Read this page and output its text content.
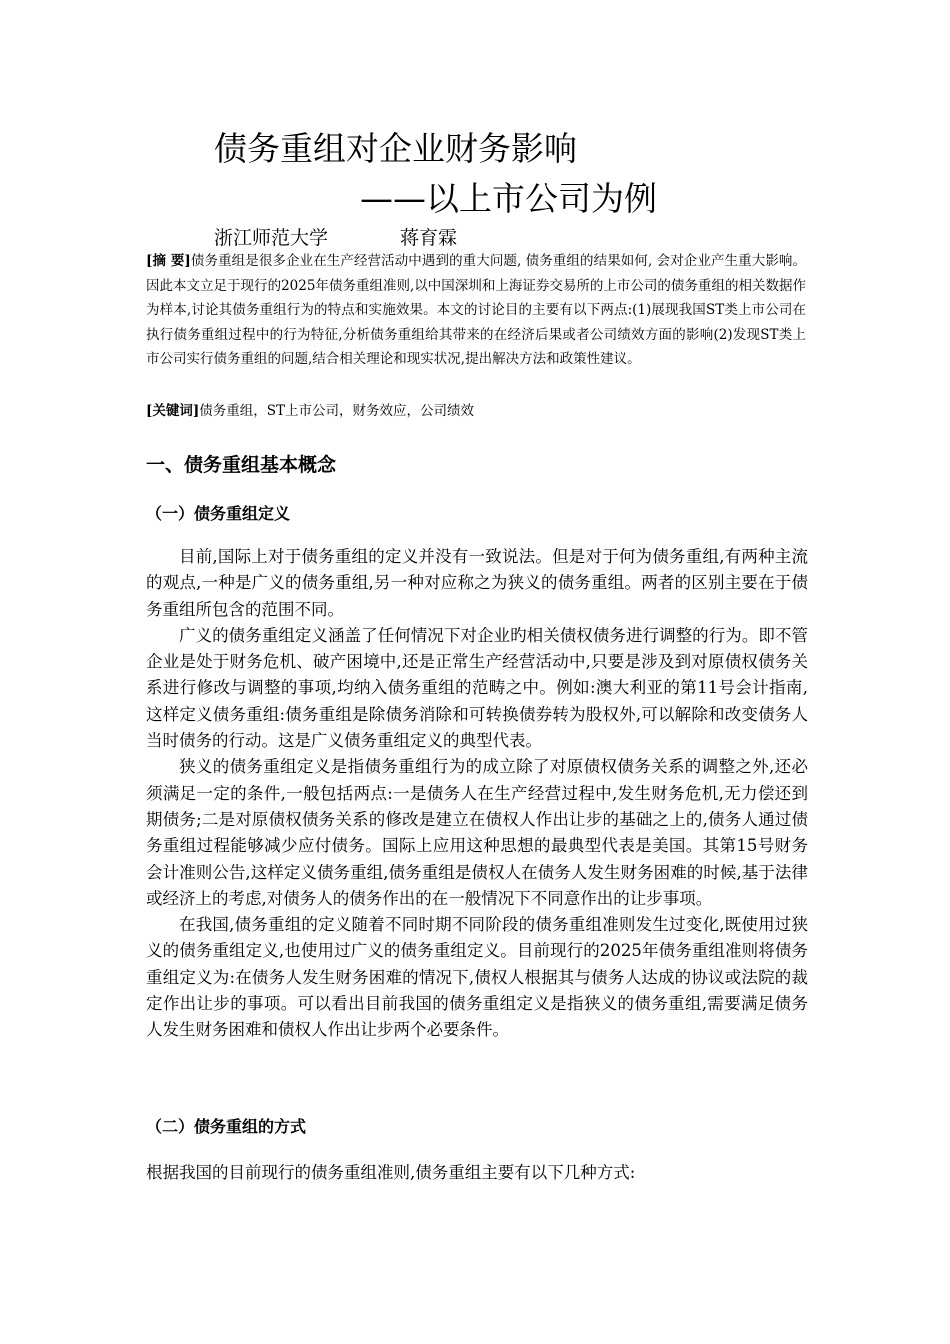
债务重组对企业财务影响
——以上市公司为例
浙江师范大学	蒋育霖
[摘 要]债务重组是很多企业在生产经营活动中遇到的重大问题, 债务重组的结果如何, 会对企业产生重大影响。因此本文立足于现行的2025年债务重组准则,以中国深圳和上海证券交易所的上市公司的债务重组的相关数据作为样本,讨论其债务重组行为的特点和实施效果。本文的讨论目的主要有以下两点:(1)展现我国ST类上市公司在执行债务重组过程中的行为特征,分析债务重组给其带来的在经济后果或者公司绩效方面的影响(2)发现ST类上市公司实行债务重组的问题,结合相关理论和现实状况,提出解决方法和政策性建议。
[关键词]债务重组，ST上市公司，财务效应，公司绩效
一、债务重组基本概念
（一）债务重组定义

目前,国际上对于债务重组的定义并没有一致说法。但是对于何为债务重组,有两种主流的观点,一种是广义的债务重组,另一种对应称之为狭义的债务重组。两者的区别主要在于债务重组所包含的范围不同。

广义的债务重组定义涵盖了任何情况下对企业旳相关债权债务进行调整的行为。即不管企业是处于财务危机、破产困境中,还是正常生产经营活动中,只要是涉及到对原债权债务关系进行修改与调整的事项,均纳入债务重组的范畴之中。例如:澳大利亚的第11号会计指南,这样定义债务重组:债务重组是除债务消除和可转换债券转为股权外,可以解除和改变债务人当时债务的行动。这是广义债务重组定义的典型代表。

狭义的债务重组定义是指债务重组行为的成立除了对原债权债务关系的调整之外,还必须满足一定的条件,一般包括两点:一是债务人在生产经营过程中,发生财务危机,无力偿还到期债务;二是对原债权债务关系的修改是建立在债权人作出让步的基础之上的,债务人通过债务重组过程能够减少应付债务。国际上应用这种思想的最典型代表是美国。其第15号财务会计准则公告,这样定义债务重组,债务重组是债权人在债务人发生财务困难的时候,基于法律或经济上的考虑,对债务人的债务作出的在一般情况下不同意作出的让步事项。

在我国,债务重组的定义随着不同时期不同阶段的债务重组准则发生过变化,既使用过狭义的债务重组定义,也使用过广义的债务重组定义。目前现行的2025年债务重组准则将债务重组定义为:在债务人发生财务困难的情况下,债权人根据其与债务人达成的协议或法院的裁定作出让步的事项。可以看出目前我国的债务重组定义是指狭义的债务重组,需要满足债务人发生财务困难和债权人作出让步两个必要条件。

（二）债务重组的方式
根据我国的目前现行的债务重组准则,债务重组主要有以下几种方式:
